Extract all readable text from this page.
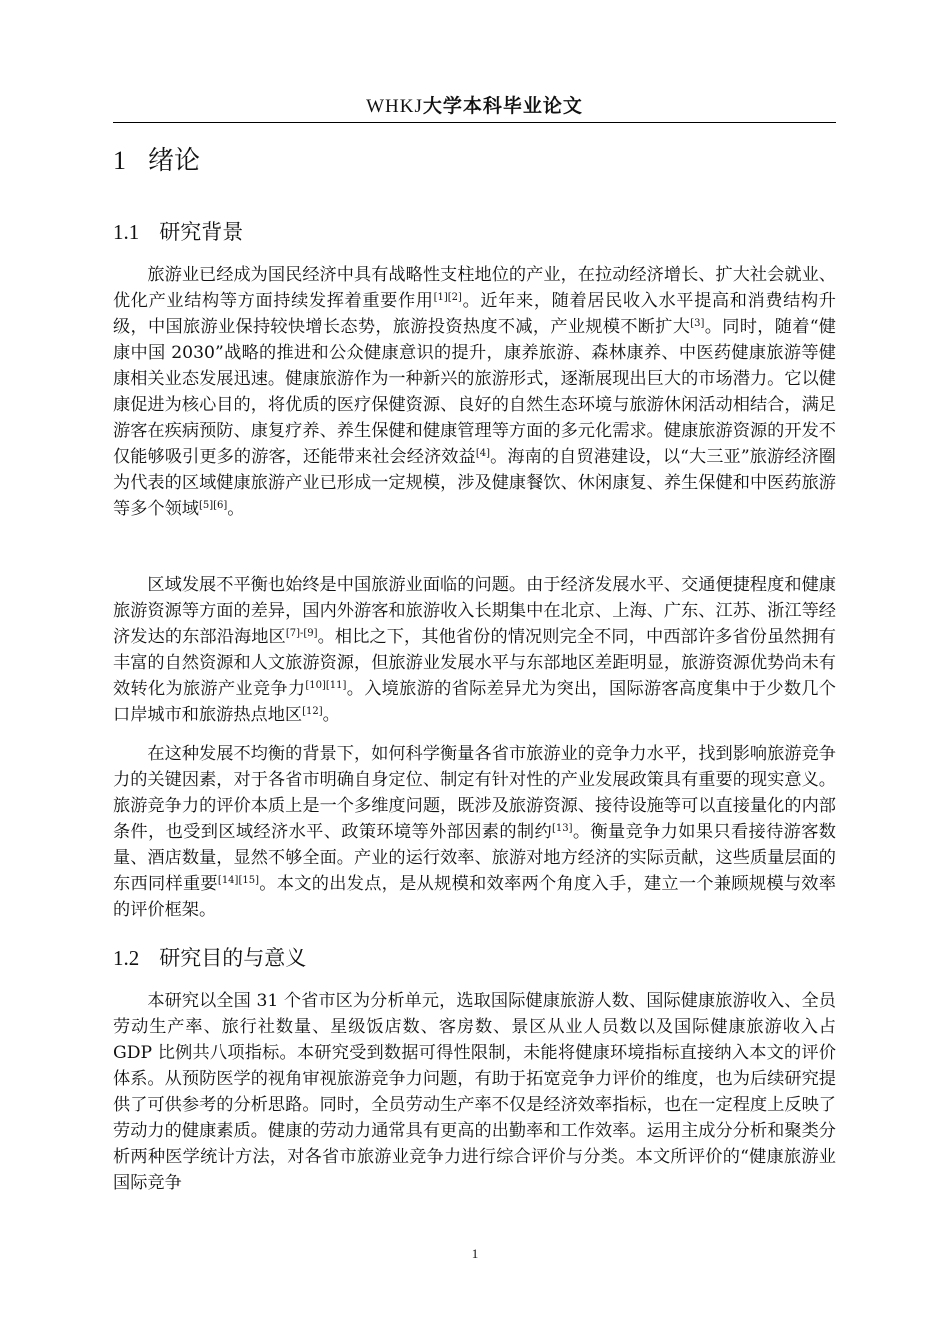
WHKJ大学本科毕业论文
1 绪论
1.1 研究背景

旅游业已经成为国民经济中具有战略性支柱地位的产业，在拉动经济增长、扩大社会就业、优化产业结构等方面持续发挥着重要作用[1][2]。近年来，随着居民收入水平提高和消费结构升级，中国旅游业保持较快增长态势，旅游投资热度不减，产业规模不断扩大[3]。同时，随着“健康中国 2030”战略的推进和公众健康意识的提升，康养旅游、森林康养、中医药健康旅游等健康相关业态发展迅速。健康旅游作为一种新兴的旅游形式，逐渐展现出巨大的市场潜力。它以健康促进为核心目的，将优质的医疗保健资源、良好的自然生态环境与旅游休闲活动相结合，满足游客在疾病预防、康复疗养、养生保健和健康管理等方面的多元化需求。健康旅游资源的开发不仅能够吸引更多的游客，还能带来社会经济效益[4]。海南的自贸港建设，以“大三亚”旅游经济圈为代表的区域健康旅游产业已形成一定规模，涉及健康餐饮、休闲康复、养生保健和中医药旅游等多个领域[5][6]。

区域发展不平衡也始终是中国旅游业面临的问题。由于经济发展水平、交通便捷程度和健康旅游资源等方面的差异，国内外游客和旅游收入长期集中在北京、上海、广东、江苏、浙江等经济发达的东部沿海地区[7]-[9]。相比之下，其他省份的情况则完全不同，中西部许多省份虽然拥有丰富的自然资源和人文旅游资源，但旅游业发展水平与东部地区差距明显，旅游资源优势尚未有效转化为旅游产业竞争力[10][11]。入境旅游的省际差异尤为突出，国际游客高度集中于少数几个口岸城市和旅游热点地区[12]。

在这种发展不均衡的背景下，如何科学衡量各省市旅游业的竞争力水平，找到影响旅游竞争力的关键因素，对于各省市明确自身定位、制定有针对性的产业发展政策具有重要的现实意义。旅游竞争力的评价本质上是一个多维度问题，既涉及旅游资源、接待设施等可以直接量化的内部条件，也受到区域经济水平、政策环境等外部因素的制约[13]。衡量竞争力如果只看接待游客数量、酒店数量，显然不够全面。产业的运行效率、旅游对地方经济的实际贡献，这些质量层面的东西同样重要[14][15]。本文的出发点，是从规模和效率两个角度入手，建立一个兼顾规模与效率的评价框架。

1.2 研究目的与意义

本研究以全国 31 个省市区为分析单元，选取国际健康旅游人数、国际健康旅游收入、全员劳动生产率、旅行社数量、星级饭店数、客房数、景区从业人员数以及国际健康旅游收入占 GDP 比例共八项指标。本研究受到数据可得性限制，未能将健康环境指标直接纳入本文的评价体系。从预防医学的视角审视旅游竞争力问题，有助于拓宽竞争力评价的维度，也为后续研究提供了可供参考的分析思路。同时，全员劳动生产率不仅是经济效率指标，也在一定程度上反映了劳动力的健康素质。健康的劳动力通常具有更高的出勤率和工作效率。运用主成分分析和聚类分析两种医学统计方法，对各省市旅游业竞争力进行综合评价与分类。本文所评价的“健康旅游业国际竞争

1
